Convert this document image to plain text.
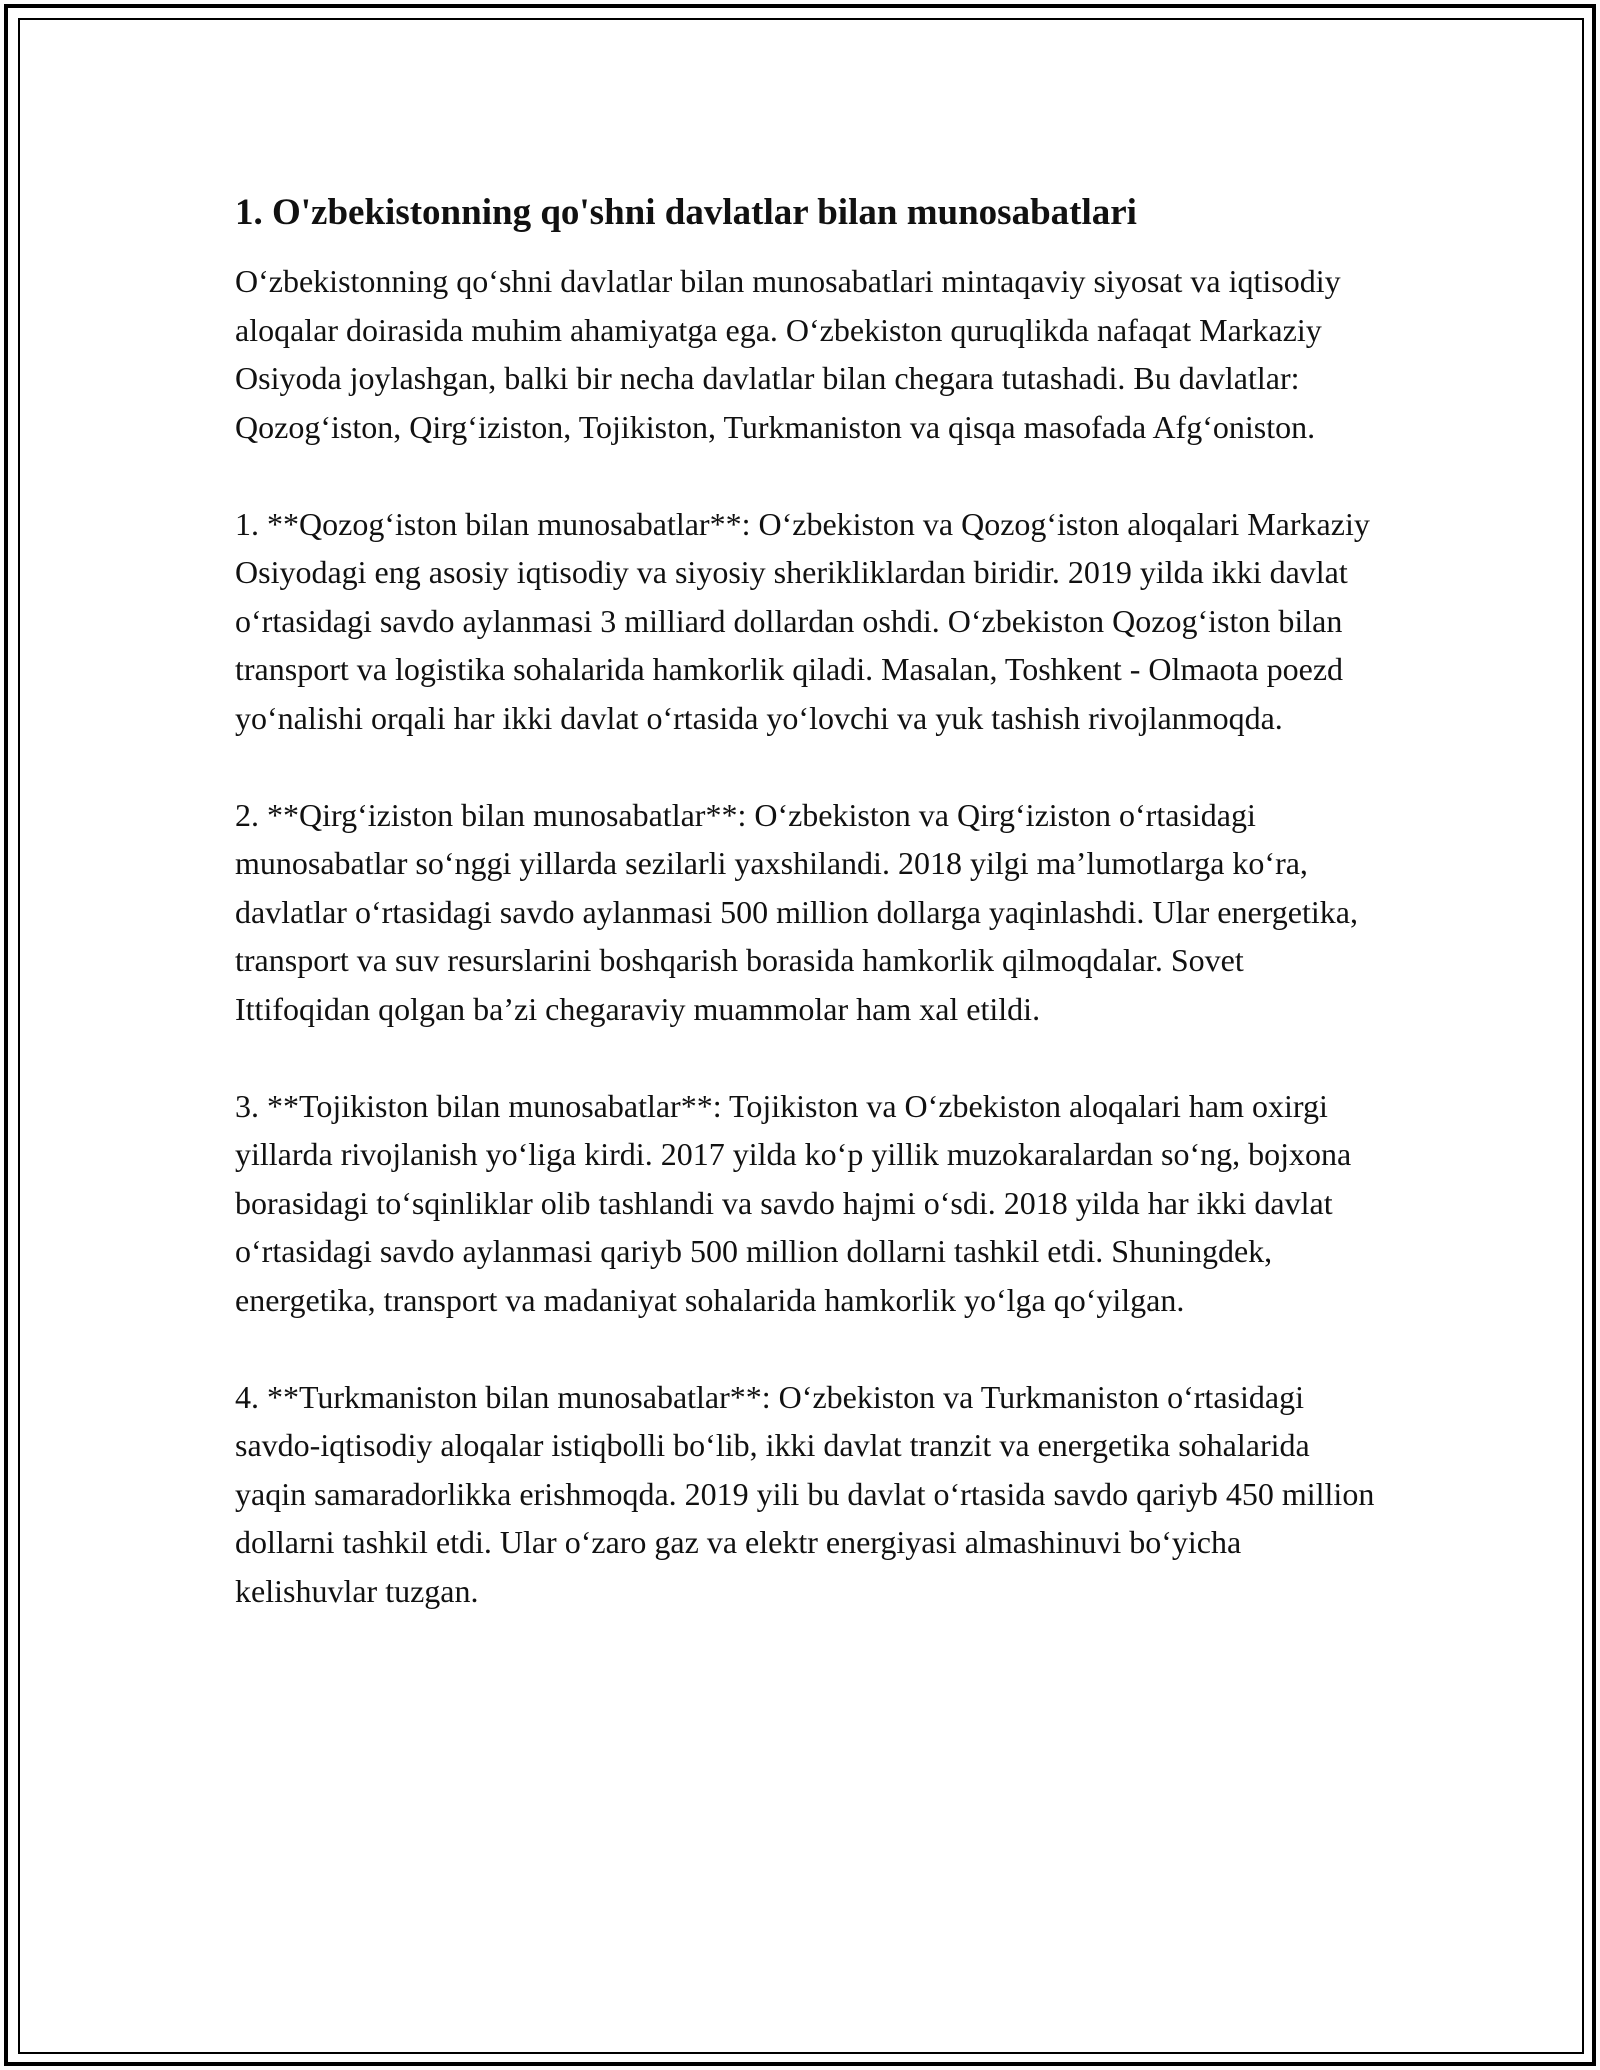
1. O'zbekistonning qo'shni davlatlar bilan munosabatlari

Oʻzbekistonning qoʻshni davlatlar bilan munosabatlari mintaqaviy siyosat va iqtisodiy aloqalar doirasida muhim ahamiyatga ega. Oʻzbekiston quruqlikda nafaqat Markaziy Osiyoda joylashgan, balki bir necha davlatlar bilan chegara tutashadi. Bu davlatlar: Qozogʻiston, Qirgʻiziston, Tojikiston, Turkmaniston va qisqa masofada Afgʻoniston.

1. **Qozogʻiston bilan munosabatlar**: Oʻzbekiston va Qozogʻiston aloqalari Markaziy Osiyodagi eng asosiy iqtisodiy va siyosiy sherikliklardan biridir. 2019 yilda ikki davlat oʻrtasidagi savdo aylanmasi 3 milliard dollardan oshdi. Oʻzbekiston Qozogʻiston bilan transport va logistika sohalarida hamkorlik qiladi. Masalan, Toshkent - Olmaota poezd yoʻnalishi orqali har ikki davlat oʻrtasida yoʻlovchi va yuk tashish rivojlanmoqda.

2. **Qirgʻiziston bilan munosabatlar**: Oʻzbekiston va Qirgʻiziston oʻrtasidagi munosabatlar soʻnggi yillarda sezilarli yaxshilandi. 2018 yilgi maʼlumotlarga koʻra, davlatlar oʻrtasidagi savdo aylanmasi 500 million dollarga yaqinlashdi. Ular energetika, transport va suv resurslarini boshqarish borasida hamkorlik qilmoqdalar. Sovet Ittifoqidan qolgan baʼzi chegaraviy muammolar ham xal etildi.

3. **Tojikiston bilan munosabatlar**: Tojikiston va Oʻzbekiston aloqalari ham oxirgi yillarda rivojlanish yoʻliga kirdi. 2017 yilda koʻp yillik muzokaralardan soʻng, bojxona borasidagi toʻsqinliklar olib tashlandi va savdo hajmi oʻsdi. 2018 yilda har ikki davlat oʻrtasidagi savdo aylanmasi qariyb 500 million dollarni tashkil etdi. Shuningdek, energetika, transport va madaniyat sohalarida hamkorlik yoʻlga qoʻyilgan.

4. **Turkmaniston bilan munosabatlar**: Oʻzbekiston va Turkmaniston oʻrtasidagi savdo-iqtisodiy aloqalar istiqbolli boʻlib, ikki davlat tranzit va energetika sohalarida yaqin samaradorlikka erishmoqda. 2019 yili bu davlat oʻrtasida savdo qariyb 450 million dollarni tashkil etdi. Ular oʻzaro gaz va elektr energiyasi almashinuvi boʻyicha kelishuvlar tuzgan.
